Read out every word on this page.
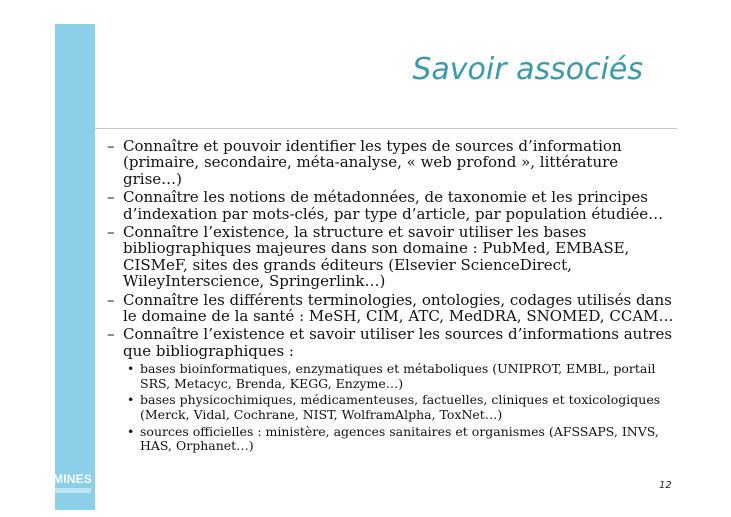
MINES
Savoir associés
– Connaître et pouvoir identifier les types de sources d’information (primaire, secondaire, méta-analyse, « web profond », littérature grise…)
– Connaître les notions de métadonnées, de taxonomie et les principes d’indexation par mots-clés, par type d’article, par population étudiée…
– Connaître l’existence, la structure et savoir utiliser les bases bibliographiques majeures dans son domaine : PubMed, EMBASE, CISMeF, sites des grands éditeurs (Elsevier ScienceDirect, WileyInterscience, Springerlink…)
– Connaître les différents terminologies, ontologies, codages utilisés dans le domaine de la santé : MeSH, CIM, ATC, MedDRA, SNOMED, CCAM…
– Connaître l’existence et savoir utiliser les sources d’informations autres que bibliographiques :
• bases bioinformatiques, enzymatiques et métaboliques (UNIPROT, EMBL, portail SRS, Metacyc, Brenda, KEGG, Enzyme…)
• bases physicochimiques, médicamenteuses, factuelles, cliniques et toxicologiques (Merck, Vidal, Cochrane, NIST, WolframAlpha, ToxNet…)
• sources officielles : ministère, agences sanitaires et organismes (AFSSAPS, INVS, HAS, Orphanet…)
12
